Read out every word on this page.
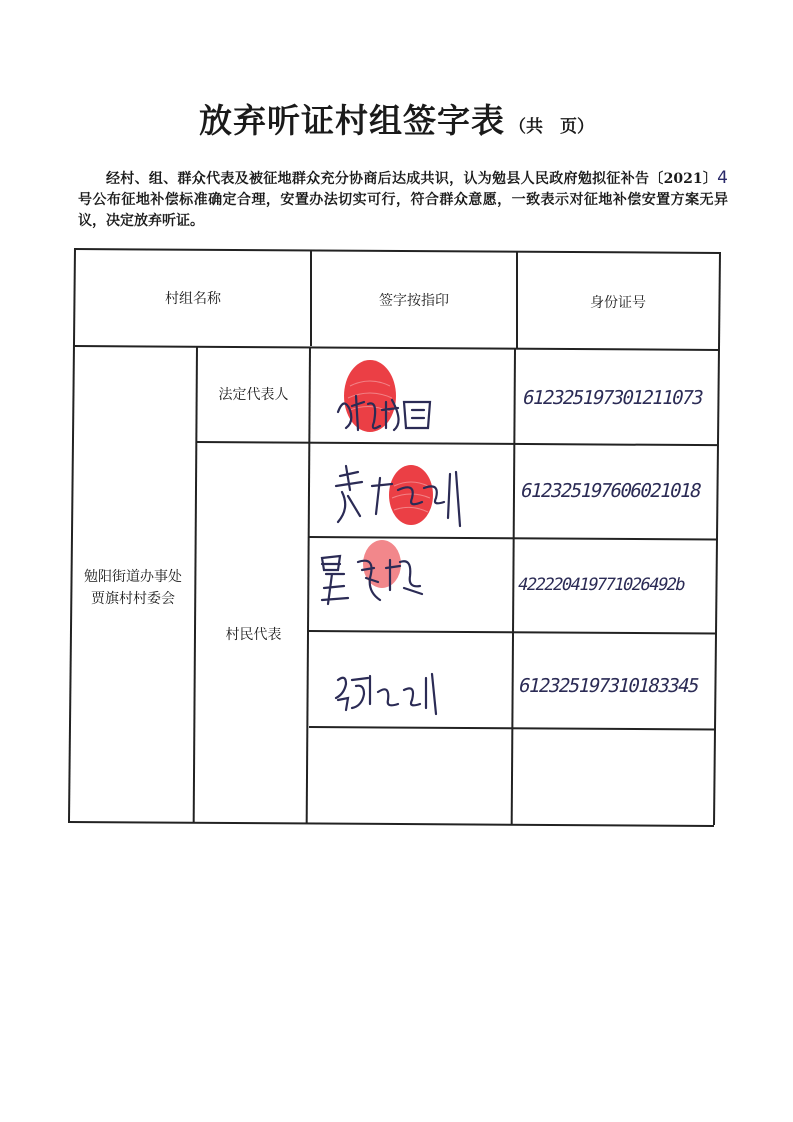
放弃听证村组签字表 （共　页）
经村、组、群众代表及被征地群众充分协商后达成共识，认为勉县人民政府勉拟征补告〔2021〕4号公布征地补偿标准确定合理，安置办法切实可行，符合群众意愿，一致表示对征地补偿安置方案无异议，决定放弃听证。
村组名称	签字按指印	身份证号
勉阳街道办事处
贾旗村村委会
法定代表人
村民代表
612325197301211073
612325197606021018
422220419771026492b
612325197310183345
